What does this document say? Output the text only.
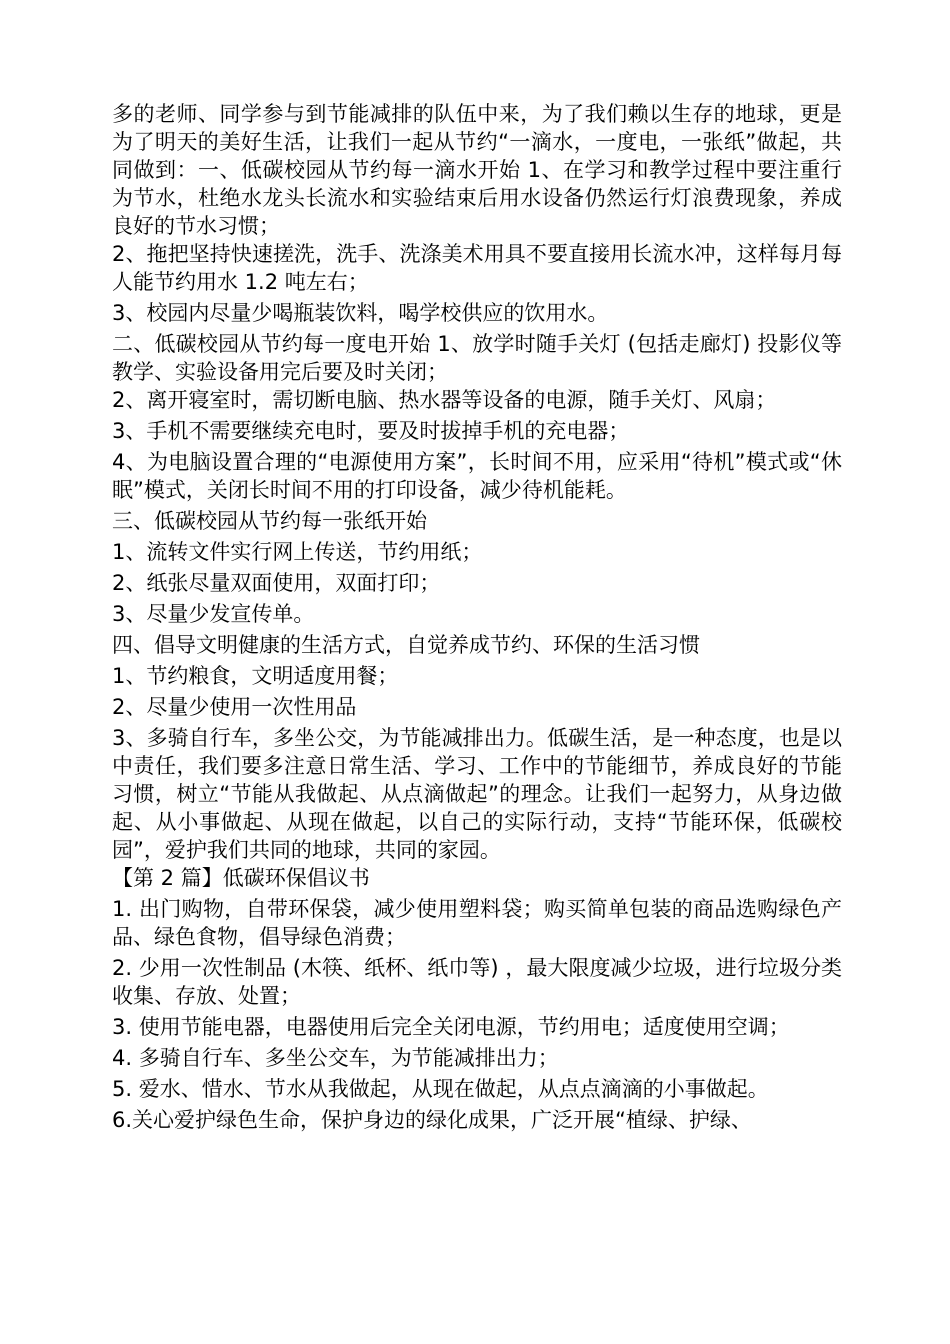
多的老师、同学参与到节能减排的队伍中来，为了我们赖以生存的地球，更是为了明天的美好生活，让我们一起从节约“一滴水，一度电，一张纸”做起，共同做到：一、低碳校园从节约每一滴水开始 1、在学习和教学过程中要注重行为节水，杜绝水龙头长流水和实验结束后用水设备仍然运行灯浪费现象，养成良好的节水习惯；

2、拖把坚持快速搓洗，洗手、洗涤美术用具不要直接用长流水冲，这样每月每人能节约用水 1.2 吨左右；

3、校园内尽量少喝瓶装饮料，喝学校供应的饮用水。

二、低碳校园从节约每一度电开始 1、放学时随手关灯 (包括走廊灯) 投影仪等教学、实验设备用完后要及时关闭；

2、离开寝室时，需切断电脑、热水器等设备的电源，随手关灯、风扇；

3、手机不需要继续充电时，要及时拔掉手机的充电器；

4、为电脑设置合理的“电源使用方案”，长时间不用，应采用“待机”模式或“休眠”模式，关闭长时间不用的打印设备，减少待机能耗。

三、低碳校园从节约每一张纸开始

1、流转文件实行网上传送，节约用纸；

2、纸张尽量双面使用，双面打印；

3、尽量少发宣传单。

四、倡导文明健康的生活方式，自觉养成节约、环保的生活习惯

1、节约粮食，文明适度用餐；

2、尽量少使用一次性用品

3、多骑自行车，多坐公交，为节能减排出力。低碳生活，是一种态度，也是以中责任，我们要多注意日常生活、学习、工作中的节能细节，养成良好的节能习惯，树立“节能从我做起、从点滴做起”的理念。让我们一起努力，从身边做起、从小事做起、从现在做起，以自己的实际行动，支持“节能环保，低碳校园”，爱护我们共同的地球，共同的家园。

【第 2 篇】低碳环保倡议书

1. 出门购物，自带环保袋，减少使用塑料袋；购买简单包装的商品选购绿色产品、绿色食物，倡导绿色消费；

2. 少用一次性制品 (木筷、纸杯、纸巾等) ，最大限度减少垃圾，进行垃圾分类收集、存放、处置；

3. 使用节能电器，电器使用后完全关闭电源，节约用电；适度使用空调；

4. 多骑自行车、多坐公交车，为节能减排出力；

5. 爱水、惜水、节水从我做起，从现在做起，从点点滴滴的小事做起。

6.关心爱护绿色生命，保护身边的绿化成果，广泛开展“植绿、护绿、
